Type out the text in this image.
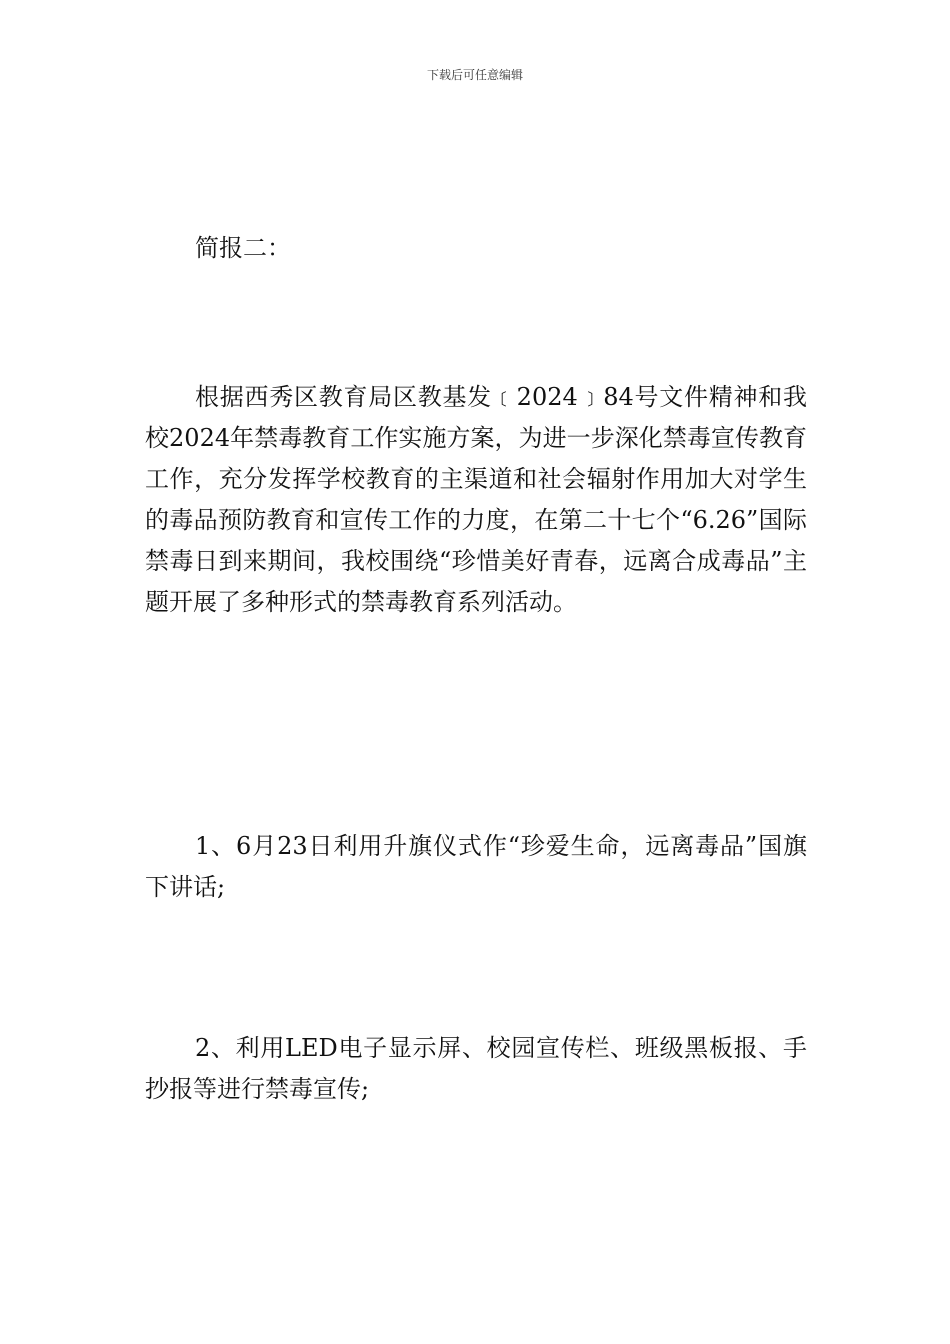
下载后可任意编辑

简报二：

根据西秀区教育局区教基发﹝2024﹞84号文件精神和我校2024年禁毒教育工作实施方案，为进一步深化禁毒宣传教育工作，充分发挥学校教育的主渠道和社会辐射作用加大对学生的毒品预防教育和宣传工作的力度，在第二十七个“6.26”国际禁毒日到来期间，我校围绕“珍惜美好青春，远离合成毒品”主题开展了多种形式的禁毒教育系列活动。

1、6月23日利用升旗仪式作“珍爱生命，远离毒品”国旗下讲话;

2、利用LED电子显示屏、校园宣传栏、班级黑板报、手抄报等进行禁毒宣传;
